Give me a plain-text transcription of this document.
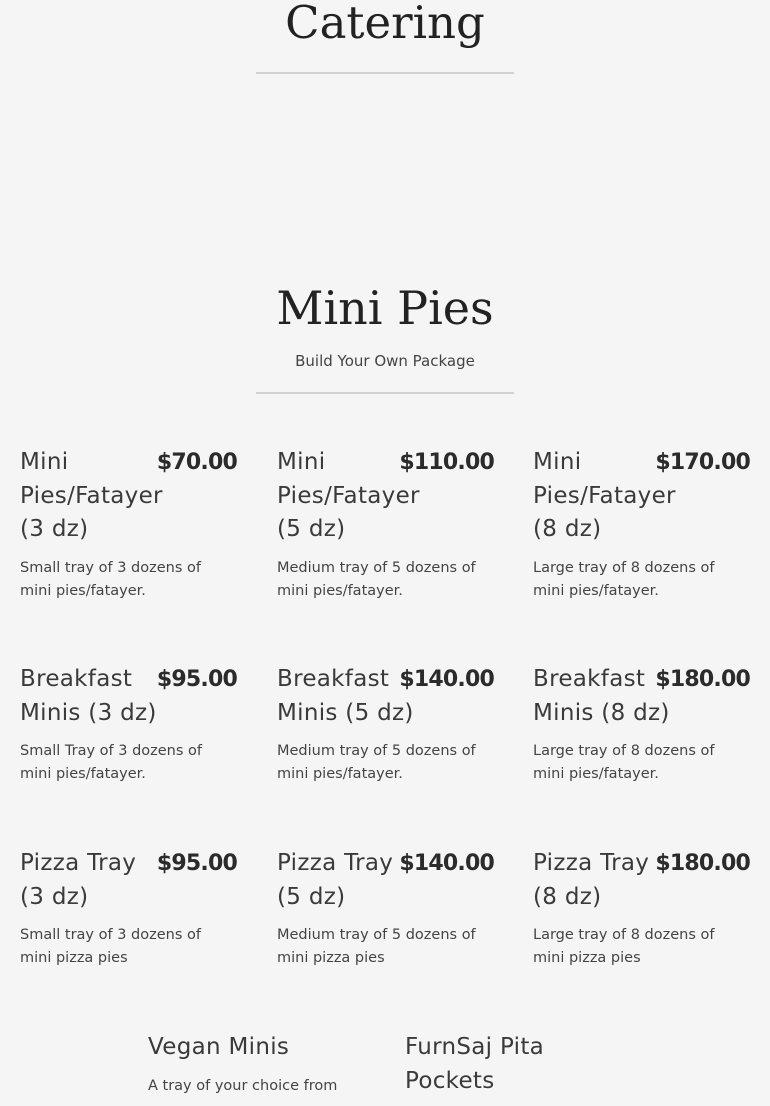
Catering
Mini Pies

Build Your Own Package

Mini Pies/Fatayer (3 dz)
$70.00
Small tray of 3 dozens of mini pies/fatayer.
Mini Pies/Fatayer (5 dz)
$110.00
Medium tray of 5 dozens of mini pies/fatayer.
Mini Pies/Fatayer (8 dz)
$170.00
Large tray of 8 dozens of mini pies/fatayer.
Breakfast Minis (3 dz)
$95.00
Small Tray of 3 dozens of mini pies/fatayer.
Breakfast Minis (5 dz)
$140.00
Medium tray of 5 dozens of mini pies/fatayer.
Breakfast Minis (8 dz)
$180.00
Large tray of 8 dozens of mini pies/fatayer.
Pizza Tray (3 dz)
$95.00
Small tray of 3 dozens of mini pizza pies
Pizza Tray (5 dz)
$140.00
Medium tray of 5 dozens of mini pizza pies
Pizza Tray (8 dz)
$180.00
Large tray of 8 dozens of mini pizza pies
Vegan Minis
A tray of your choice from
FurnSaj Pita Pockets
